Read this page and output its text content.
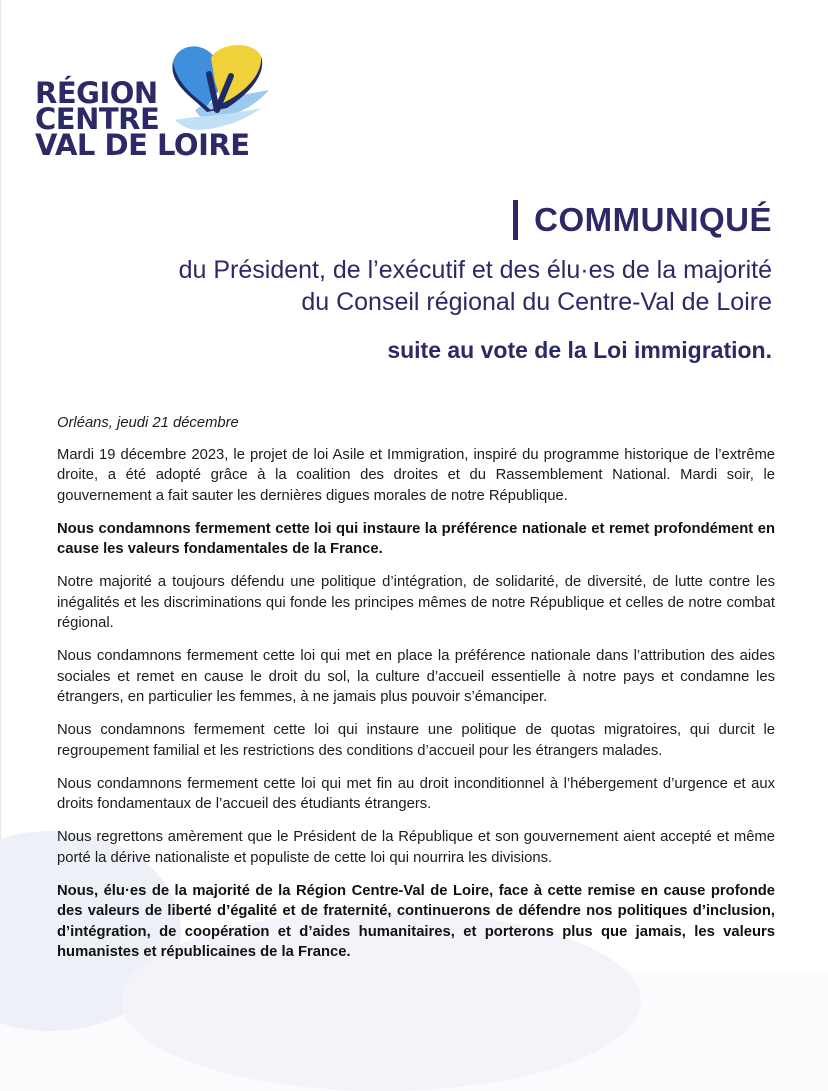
RÉGION
CENTRE
VAL DE LOIRE
COMMUNIQUÉ
du Président, de l’exécutif et des élu·es de la majorité
du Conseil régional du Centre-Val de Loire
suite au vote de la Loi immigration.

Orléans, jeudi 21 décembre

Mardi 19 décembre 2023, le projet de loi Asile et Immigration, inspiré du programme historique de l’extrême droite, a été adopté grâce à la coalition des droites et du Rassemblement National. Mardi soir, le gouvernement a fait sauter les dernières digues morales de notre République.

Nous condamnons fermement cette loi qui instaure la préférence nationale et remet profondément en cause les valeurs fondamentales de la France.

Notre majorité a toujours défendu une politique d’intégration, de solidarité, de diversité, de lutte contre les inégalités et les discriminations qui fonde les principes mêmes de notre République et celles de notre combat régional.

Nous condamnons fermement cette loi qui met en place la préférence nationale dans l’attribution des aides sociales et remet en cause le droit du sol, la culture d’accueil essentielle à notre pays et condamne les étrangers, en particulier les femmes, à ne jamais plus pouvoir s’émanciper.

Nous condamnons fermement cette loi qui instaure une politique de quotas migratoires, qui durcit le regroupement familial et les restrictions des conditions d’accueil pour les étrangers malades.

Nous condamnons fermement cette loi qui met fin au droit inconditionnel à l’hébergement d’urgence et aux droits fondamentaux de l’accueil des étudiants étrangers.

Nous regrettons amèrement que le Président de la République et son gouvernement aient accepté et même porté la dérive nationaliste et populiste de cette loi qui nourrira les divisions.

Nous, élu·es de la majorité de la Région Centre-Val de Loire, face à cette remise en cause profonde des valeurs de liberté d’égalité et de fraternité, continuerons de défendre nos politiques d’inclusion, d’intégration, de coopération et d’aides humanitaires, et porterons plus que jamais, les valeurs humanistes et républicaines de la France.
